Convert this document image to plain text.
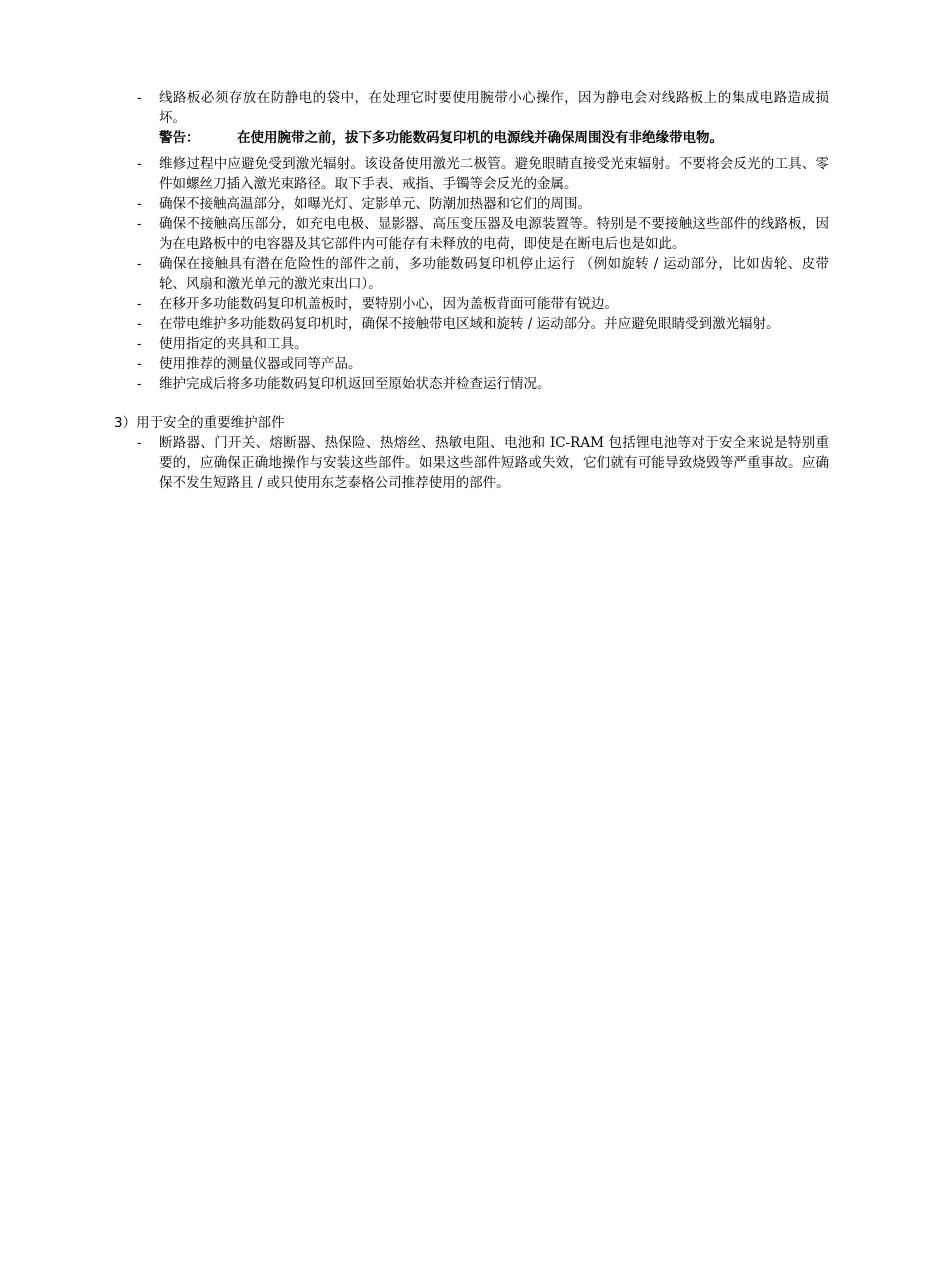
- 线路板必须存放在防静电的袋中，在处理它时要使用腕带小心操作，因为静电会对线路板上的集成电路造成损坏。
警告：	在使用腕带之前，拔下多功能数码复印机的电源线并确保周围没有非绝缘带电物。
- 维修过程中应避免受到激光辐射。该设备使用激光二极管。避免眼睛直接受光束辐射。不要将会反光的工具、零件如螺丝刀插入激光束路径。取下手表、戒指、手镯等会反光的金属。
- 确保不接触高温部分，如曝光灯、定影单元、防潮加热器和它们的周围。
- 确保不接触高压部分，如充电电极、显影器、高压变压器及电源装置等。特别是不要接触这些部件的线路板，因为在电路板中的电容器及其它部件内可能存有未释放的电荷，即使是在断电后也是如此。
- 确保在接触具有潜在危险性的部件之前，多功能数码复印机停止运行 （例如旋转 / 运动部分，比如齿轮、皮带轮、风扇和激光单元的激光束出口）。
- 在移开多功能数码复印机盖板时，要特别小心，因为盖板背面可能带有锐边。
- 在带电维护多功能数码复印机时，确保不接触带电区域和旋转 / 运动部分。并应避免眼睛受到激光辐射。
- 使用指定的夹具和工具。
- 使用推荐的测量仪器或同等产品。
- 维护完成后将多功能数码复印机返回至原始状态并检查运行情况。
3）用于安全的重要维护部件
- 断路器、门开关、熔断器、热保险、热熔丝、热敏电阻、电池和 IC-RAM 包括锂电池等对于安全来说是特别重要的，应确保正确地操作与安装这些部件。如果这些部件短路或失效，它们就有可能导致烧毁等严重事故。应确保不发生短路且 / 或只使用东芝泰格公司推荐使用的部件。
